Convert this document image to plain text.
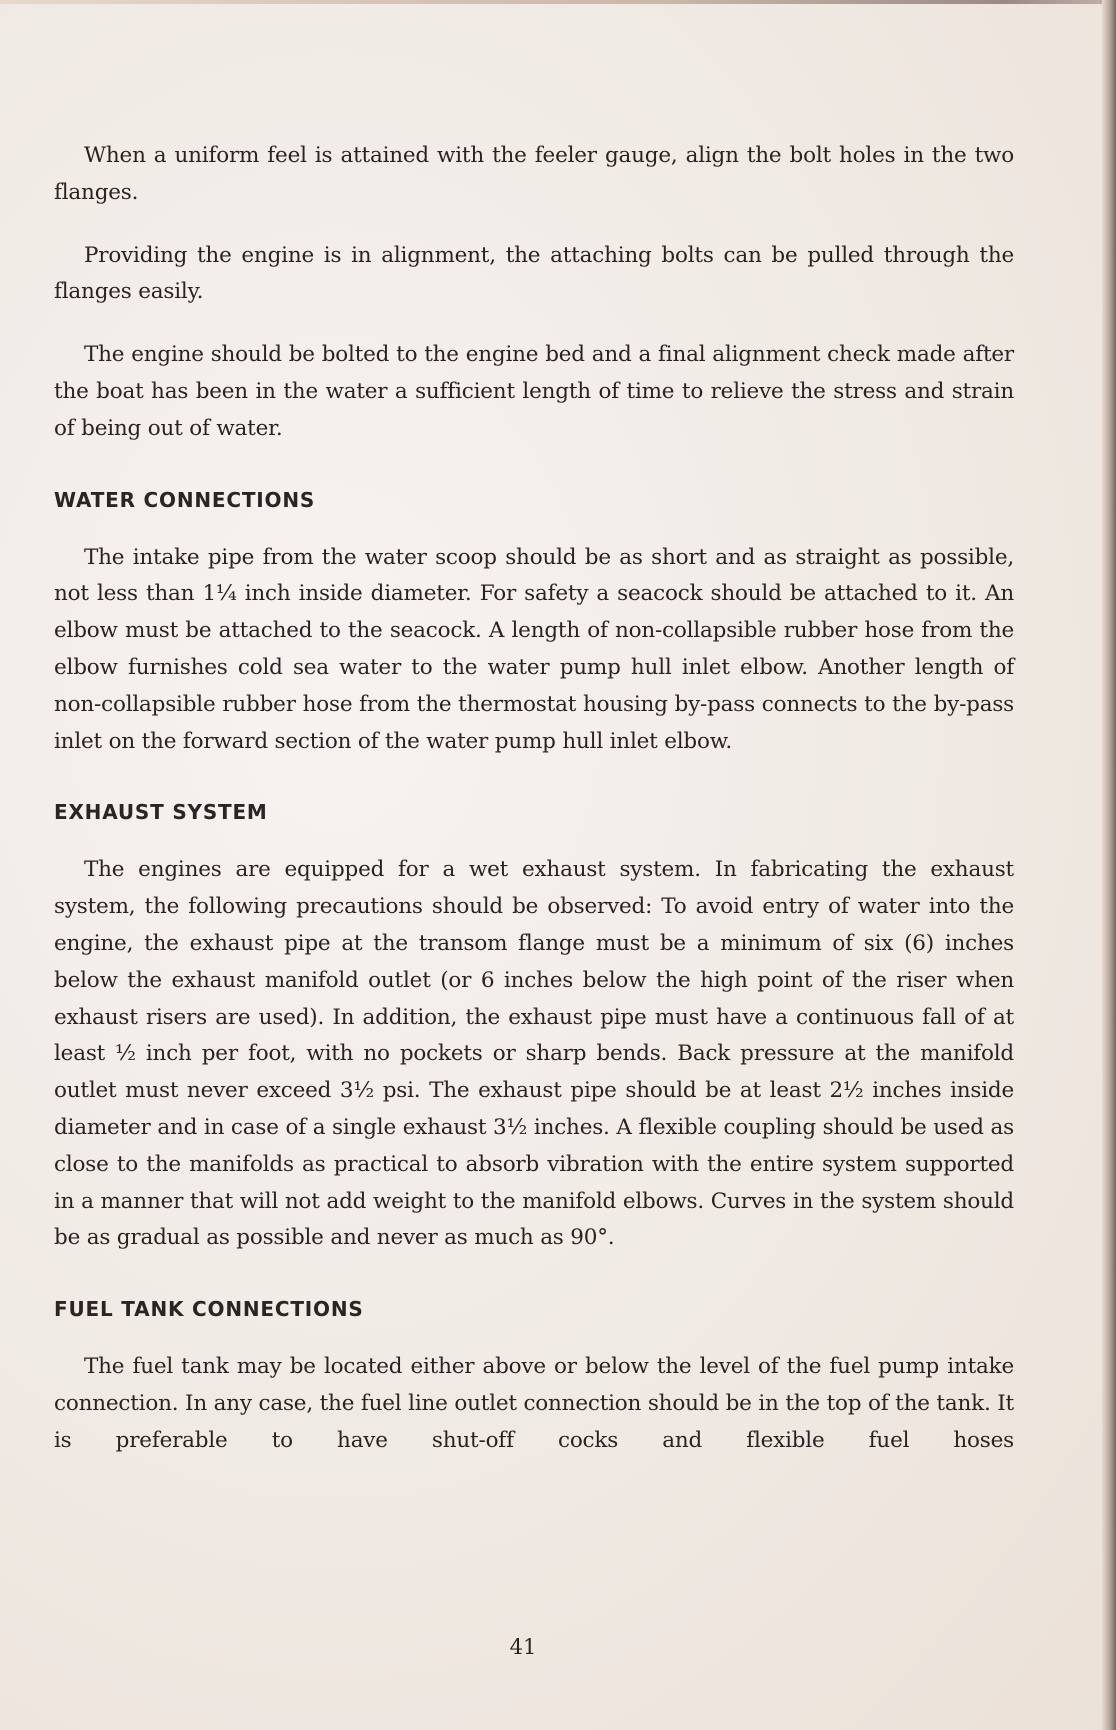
When a uniform feel is attained with the feeler gauge, align the bolt holes in the two flanges.

Providing the engine is in alignment, the attaching bolts can be pulled through the flanges easily.

The engine should be bolted to the engine bed and a final alignment check made after the boat has been in the water a sufficient length of time to relieve the stress and strain of being out of water.

WATER CONNECTIONS

The intake pipe from the water scoop should be as short and as straight as possible, not less than 1¼ inch inside diameter. For safety a seacock should be attached to it. An elbow must be attached to the seacock. A length of non-collapsible rubber hose from the elbow furnishes cold sea water to the water pump hull inlet elbow. Another length of non-collapsible rubber hose from the thermostat housing by-pass connects to the by-pass inlet on the forward section of the water pump hull inlet elbow.

EXHAUST SYSTEM

The engines are equipped for a wet exhaust system. In fabricating the exhaust system, the following precautions should be observed: To avoid entry of water into the engine, the exhaust pipe at the transom flange must be a minimum of six (6) inches below the exhaust manifold outlet (or 6 inches below the high point of the riser when exhaust risers are used). In addition, the exhaust pipe must have a continuous fall of at least ½ inch per foot, with no pockets or sharp bends. Back pressure at the manifold outlet must never exceed 3½ psi. The exhaust pipe should be at least 2½ inches inside diameter and in case of a single exhaust 3½ inches. A flexible coupling should be used as close to the manifolds as practical to absorb vibration with the entire system supported in a manner that will not add weight to the manifold elbows. Curves in the system should be as gradual as possible and never as much as 90°.

FUEL TANK CONNECTIONS

The fuel tank may be located either above or below the level of the fuel pump intake connection. In any case, the fuel line outlet connection should be in the top of the tank. It is preferable to have shut-off cocks and flexible fuel hoses

41
